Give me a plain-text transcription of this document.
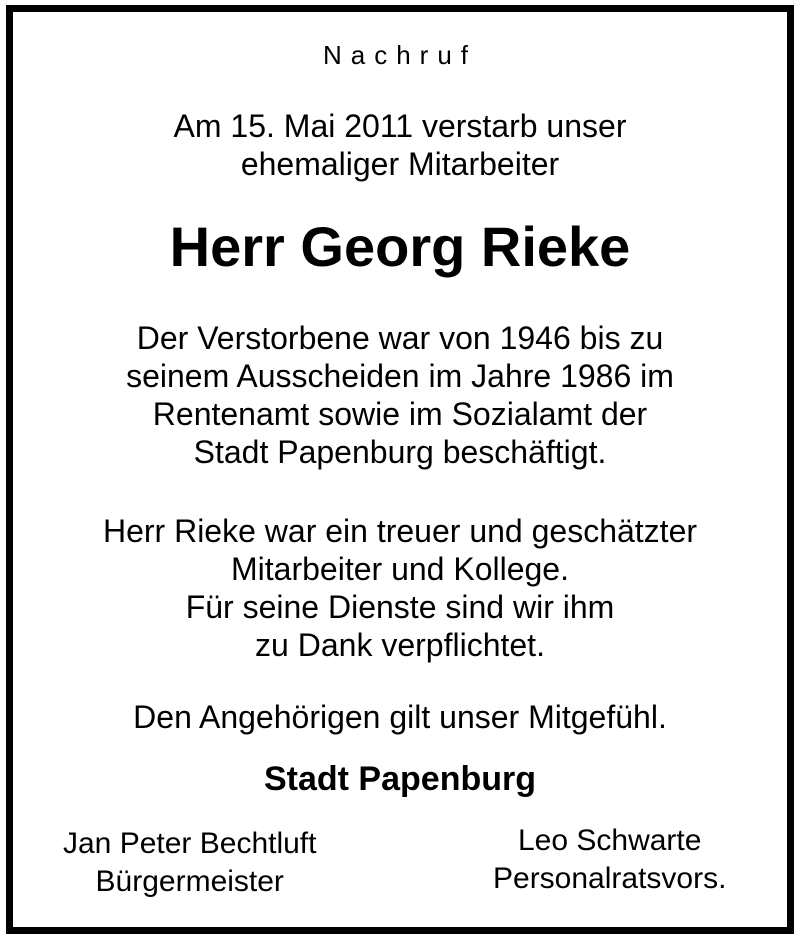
Nachruf
Am 15. Mai 2011 verstarb unser
ehemaliger Mitarbeiter
Herr Georg Rieke
Der Verstorbene war von 1946 bis zu
seinem Ausscheiden im Jahre 1986 im
Rentenamt sowie im Sozialamt der
Stadt Papenburg beschäftigt.
Herr Rieke war ein treuer und geschätzter
Mitarbeiter und Kollege.
Für seine Dienste sind wir ihm
zu Dank verpflichtet.
Den Angehörigen gilt unser Mitgefühl.
Stadt Papenburg
Jan Peter Bechtluft
Bürgermeister
Leo Schwarte
Personalratsvors.
